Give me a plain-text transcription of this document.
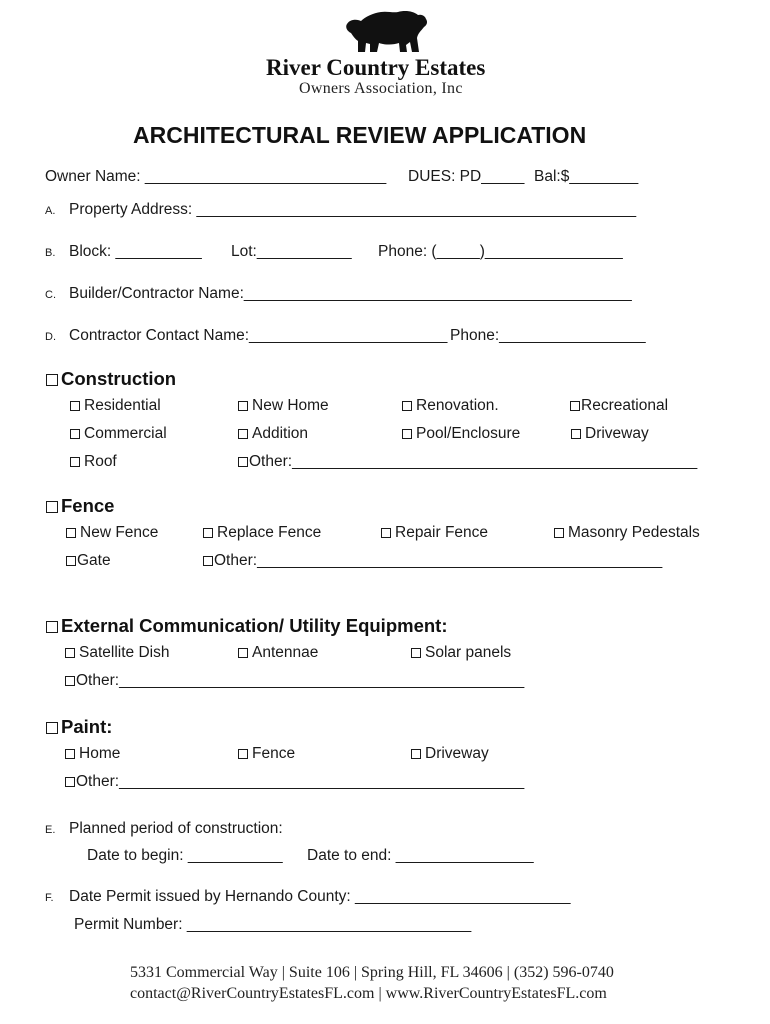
River Country Estates
Owners Association, Inc
ARCHITECTURAL REVIEW APPLICATION
Owner Name: ____________________________ DUES: PD_____ Bal:$________
A. Property Address: ___________________________________________________
B. Block: __________ Lot:___________ Phone: (_____)________________
C. Builder/Contractor Name:_____________________________________________
D. Contractor Contact Name:_______________________ Phone:_________________
Construction
Residential	New Home	Renovation.	Recreational
Commercial	Addition	Pool/Enclosure	Driveway
Roof	Other:_______________________________________________
Fence
New Fence	Replace Fence	Repair Fence	Masonry Pedestals
Gate	Other:_______________________________________________
External Communication/ Utility Equipment:
Satellite Dish	Antennae	Solar panels
Other:_______________________________________________
Paint:
Home	Fence	Driveway
Other:_______________________________________________
E. Planned period of construction:
Date to begin: ___________ Date to end: ________________
F. Date Permit issued by Hernando County: _________________________
Permit Number: _________________________________
5331 Commercial Way | Suite 106 | Spring Hill, FL 34606 | (352) 596-0740
contact@RiverCountryEstatesFL.com | www.RiverCountryEstatesFL.com
